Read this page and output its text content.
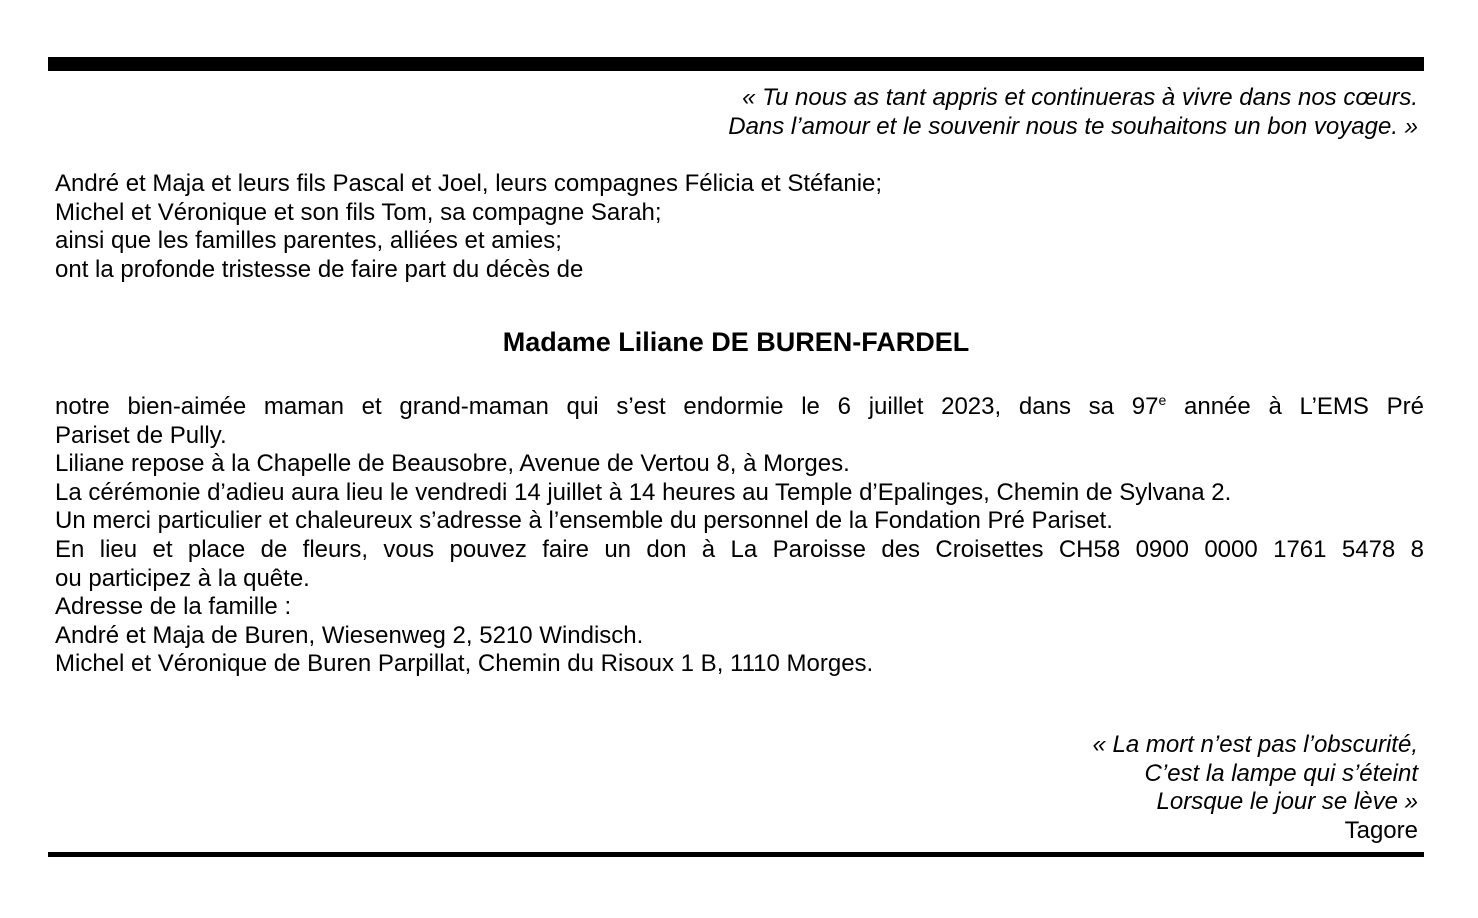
« Tu nous as tant appris et continueras à vivre dans nos cœurs.
Dans l’amour et le souvenir nous te souhaitons un bon voyage. »
André et Maja et leurs fils Pascal et Joel, leurs compagnes Félicia et Stéfanie;
Michel et Véronique et son fils Tom, sa compagne Sarah;
ainsi que les familles parentes, alliées et amies;
ont la profonde tristesse de faire part du décès de
Madame Liliane DE BUREN-FARDEL
notre bien-aimée maman et grand-maman qui s’est endormie le 6 juillet 2023, dans sa 97e année à L’EMS Pré
Pariset de Pully.
Liliane repose à la Chapelle de Beausobre, Avenue de Vertou 8, à Morges.
La cérémonie d’adieu aura lieu le vendredi 14 juillet à 14 heures au Temple d’Epalinges, Chemin de Sylvana 2.
Un merci particulier et chaleureux s’adresse à l’ensemble du personnel de la Fondation Pré Pariset.
En lieu et place de fleurs, vous pouvez faire un don à La Paroisse des Croisettes CH58 0900 0000 1761 5478 8
ou participez à la quête.
Adresse de la famille :
André et Maja de Buren, Wiesenweg 2, 5210 Windisch.
Michel et Véronique de Buren Parpillat, Chemin du Risoux 1 B, 1110 Morges.
« La mort n’est pas l’obscurité,
C’est la lampe qui s’éteint
Lorsque le jour se lève »
Tagore
